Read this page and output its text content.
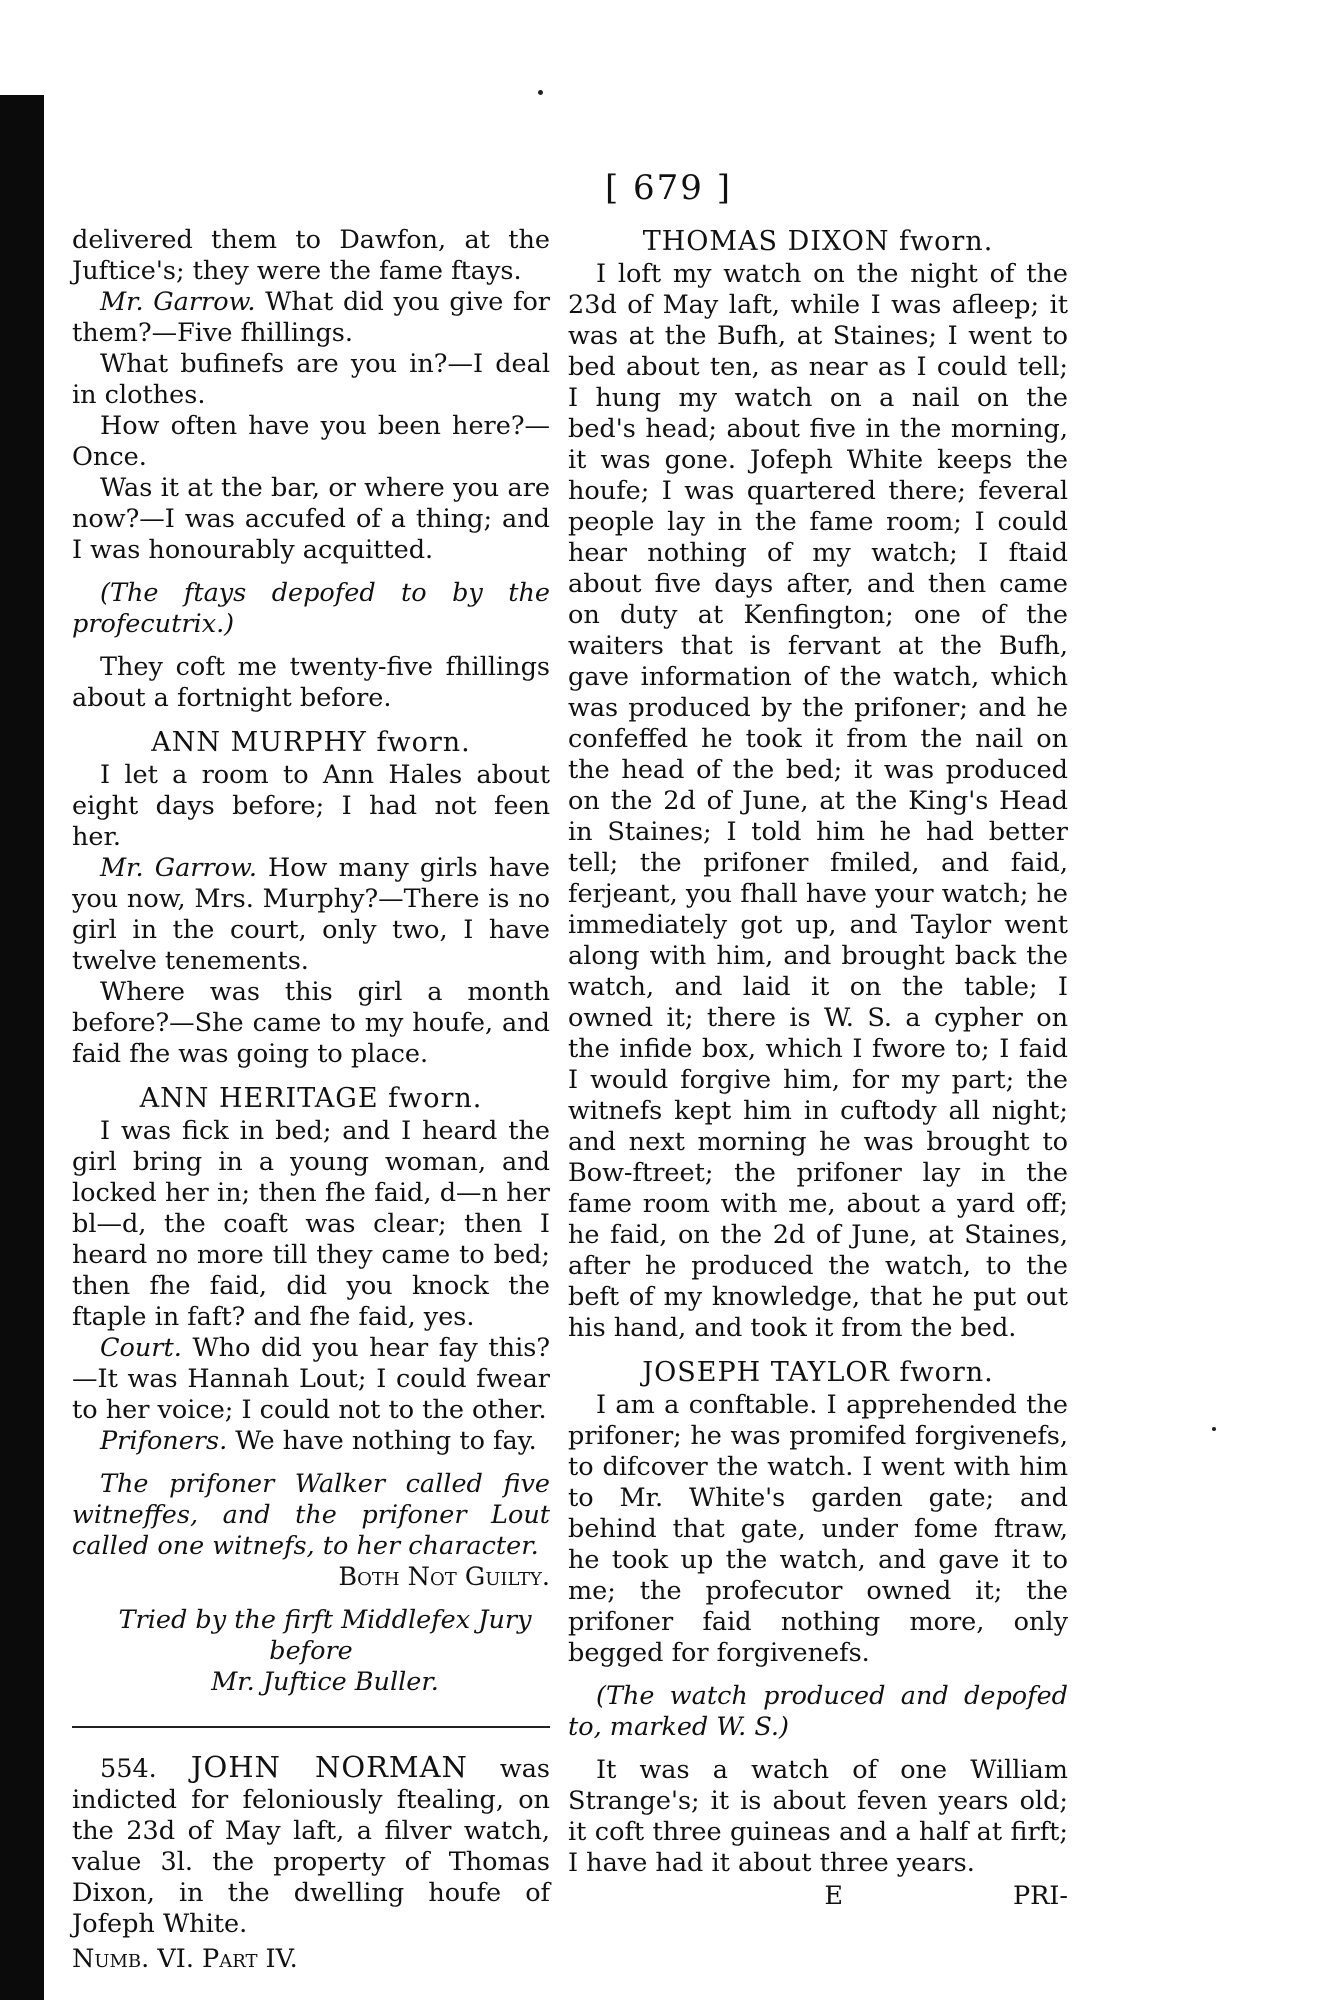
[ 679 ]

delivered them to Dawfon, at the Juftice's; they were the fame ftays.

Mr. Garrow. What did you give for them?—Five fhillings.

What bufinefs are you in?—I deal in clothes.

How often have you been here?—Once.

Was it at the bar, or where you are now?—I was accufed of a thing; and I was honourably acquitted.

(The ftays depofed to by the profecutrix.)

They coft me twenty-five fhillings about a fortnight before.

ANN MURPHY fworn.

I let a room to Ann Hales about eight days before; I had not feen her.

Mr. Garrow. How many girls have you now, Mrs. Murphy?—There is no girl in the court, only two, I have twelve tenements.

Where was this girl a month before?—She came to my houfe, and faid fhe was going to place.

ANN HERITAGE fworn.

I was fick in bed; and I heard the girl bring in a young woman, and locked her in; then fhe faid, d—n her bl—d, the coaft was clear; then I heard no more till they came to bed; then fhe faid, did you knock the ftaple in faft? and fhe faid, yes.

Court. Who did you hear fay this?—It was Hannah Lout; I could fwear to her voice; I could not to the other.

Prifoners. We have nothing to fay.

The prifoner Walker called five witneffes, and the prifoner Lout called one witnefs, to her character.

Both Not Guilty.

Tried by the firft Middlefex Jury before

Mr. Juftice Buller.

554. JOHN NORMAN was indicted for feloniously ftealing, on the 23d of May laft, a filver watch, value 3l. the property of Thomas Dixon, in the dwelling houfe of Jofeph White.

Numb. VI. Part IV.
THOMAS DIXON fworn.

I loft my watch on the night of the 23d of May laft, while I was afleep; it was at the Bufh, at Staines; I went to bed about ten, as near as I could tell; I hung my watch on a nail on the bed's head; about five in the morning, it was gone. Jofeph White keeps the houfe; I was quartered there; feveral people lay in the fame room; I could hear nothing of my watch; I ftaid about five days after, and then came on duty at Kenfington; one of the waiters that is fervant at the Bufh, gave information of the watch, which was produced by the prifoner; and he confeffed he took it from the nail on the head of the bed; it was produced on the 2d of June, at the King's Head in Staines; I told him he had better tell; the prifoner fmiled, and faid, ferjeant, you fhall have your watch; he immediately got up, and Taylor went along with him, and brought back the watch, and laid it on the table; I owned it; there is W. S. a cypher on the infide box, which I fwore to; I faid I would forgive him, for my part; the witnefs kept him in cuftody all night; and next morning he was brought to Bow-ftreet; the prifoner lay in the fame room with me, about a yard off; he faid, on the 2d of June, at Staines, after he produced the watch, to the beft of my knowledge, that he put out his hand, and took it from the bed.

JOSEPH TAYLOR fworn.

I am a conftable. I apprehended the prifoner; he was promifed forgivenefs, to difcover the watch. I went with him to Mr. White's garden gate; and behind that gate, under fome ftraw, he took up the watch, and gave it to me; the profecutor owned it; the prifoner faid nothing more, only begged for forgivenefs.

(The watch produced and depofed to, marked W. S.)

It was a watch of one William Strange's; it is about feven years old; it coft three guineas and a half at firft; I have had it about three years.

E	PRI-
